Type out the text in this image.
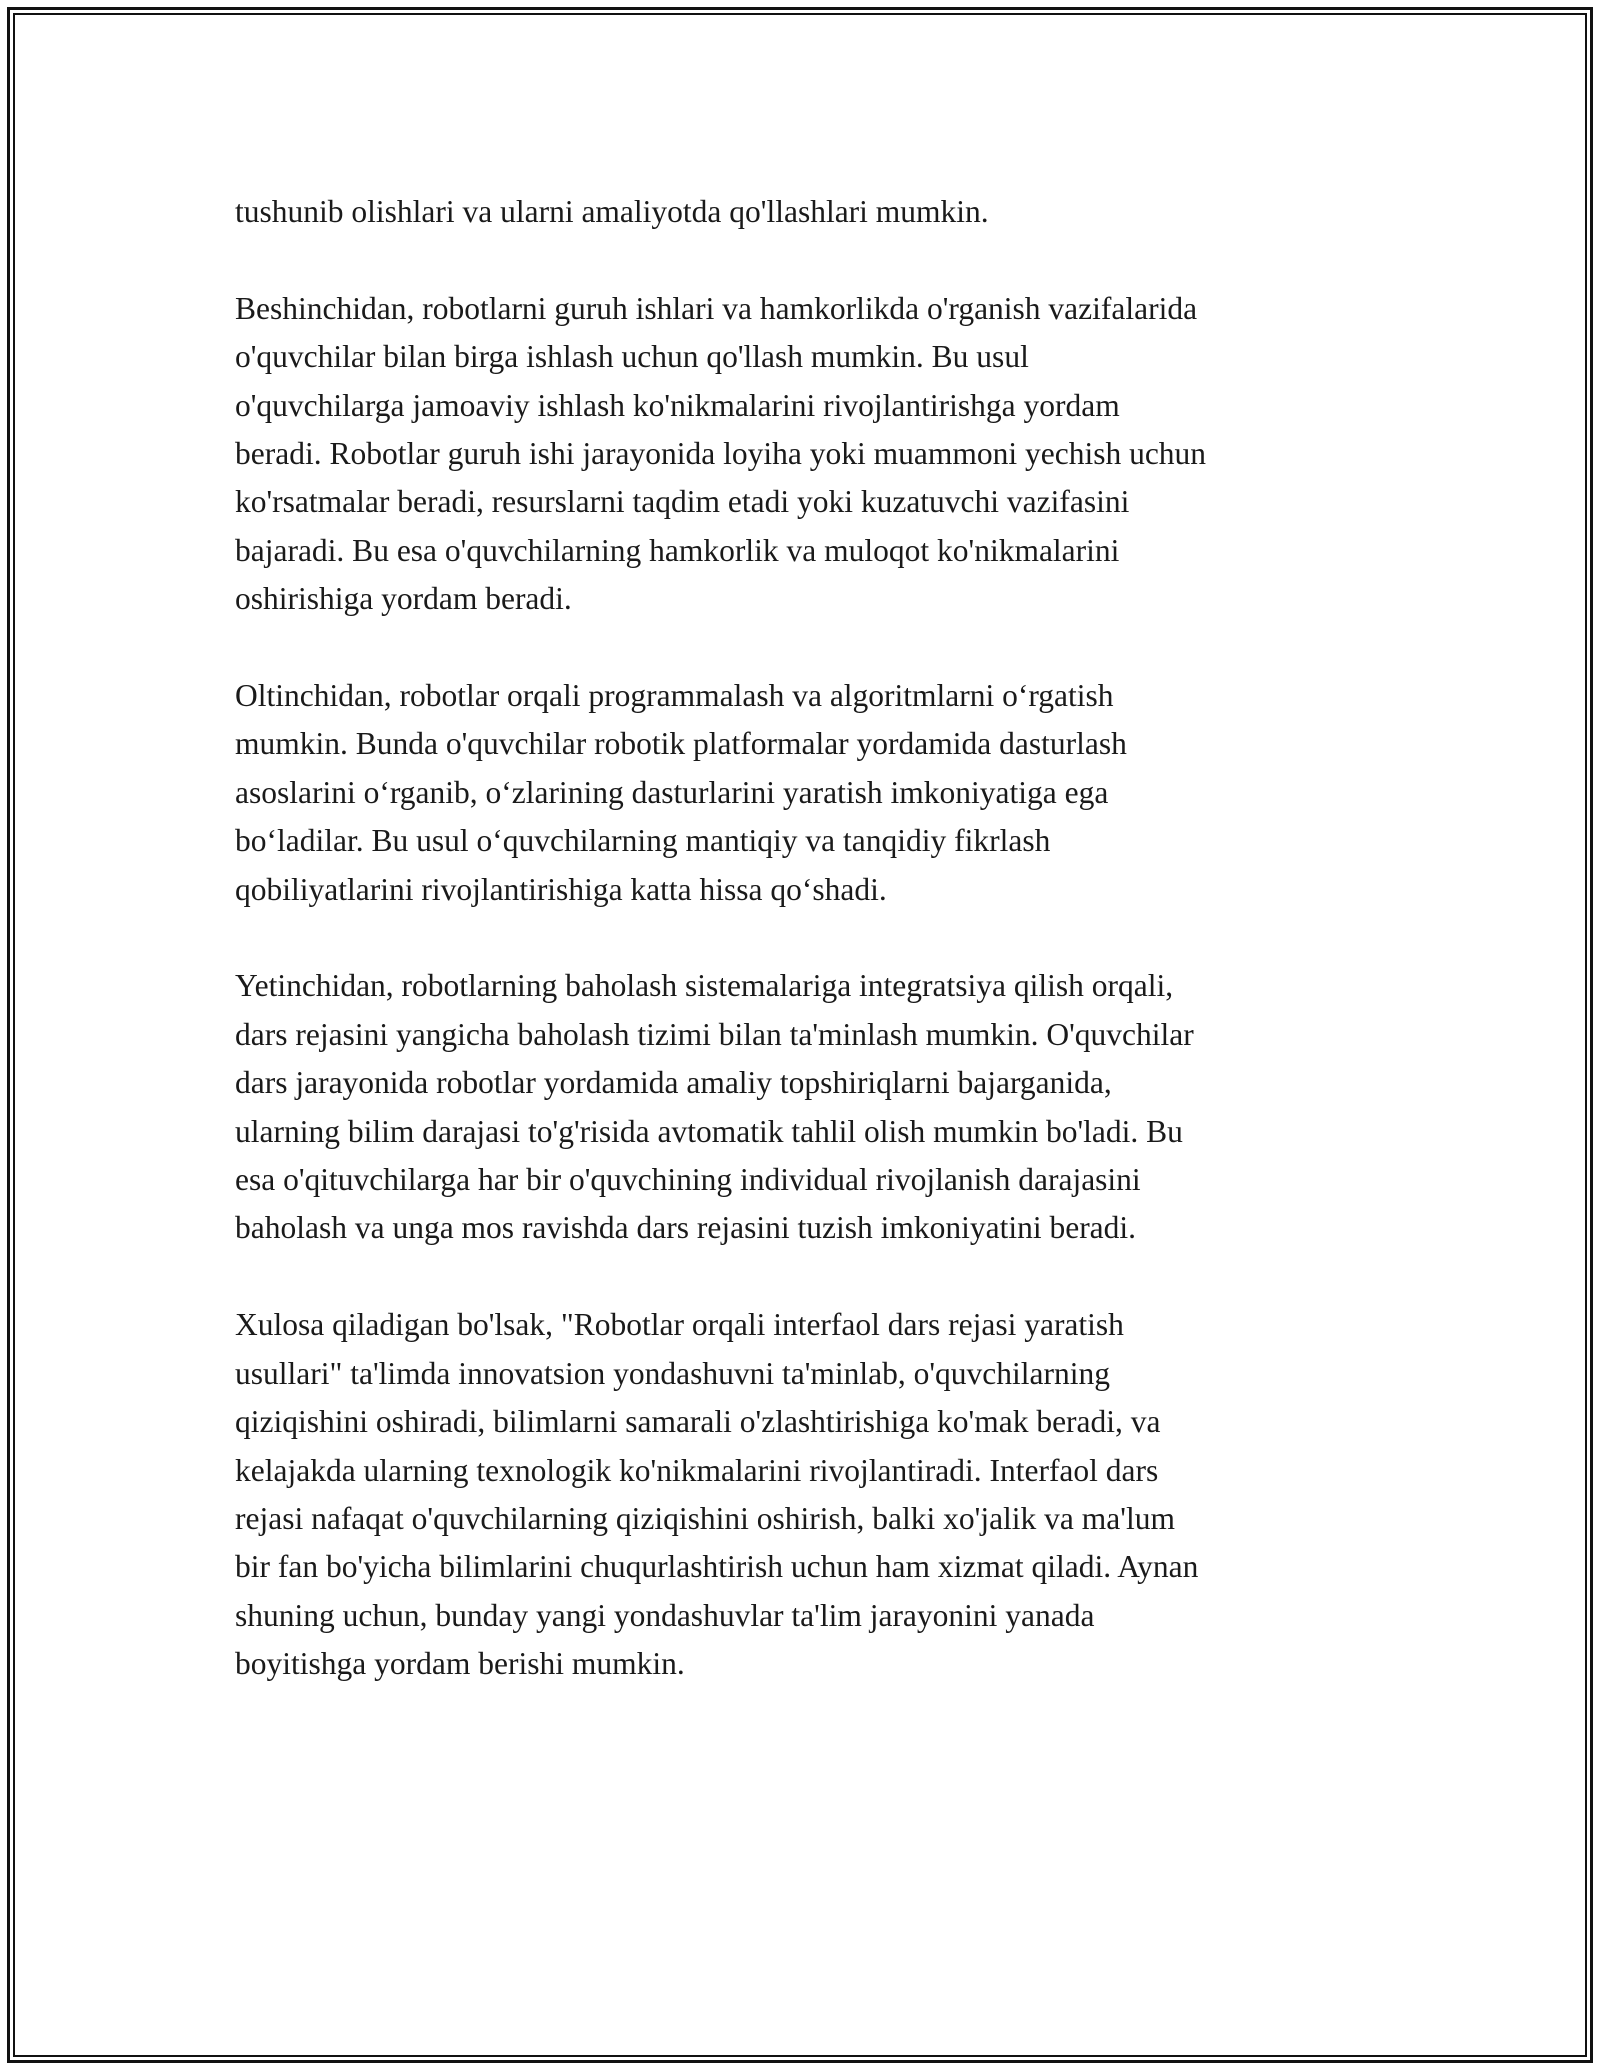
tushunib olishlari va ularni amaliyotda qo'llashlari mumkin.

Beshinchidan, robotlarni guruh ishlari va hamkorlikda o'rganish vazifalarida
o'quvchilar bilan birga ishlash uchun qo'llash mumkin. Bu usul
o'quvchilarga jamoaviy ishlash ko'nikmalarini rivojlantirishga yordam
beradi. Robotlar guruh ishi jarayonida loyiha yoki muammoni yechish uchun
ko'rsatmalar beradi, resurslarni taqdim etadi yoki kuzatuvchi vazifasini
bajaradi. Bu esa o'quvchilarning hamkorlik va muloqot ko'nikmalarini
oshirishiga yordam beradi.

Oltinchidan, robotlar orqali programmalash va algoritmlarni o‘rgatish
mumkin. Bunda o'quvchilar robotik platformalar yordamida dasturlash
asoslarini o‘rganib, o‘zlarining dasturlarini yaratish imkoniyatiga ega
bo‘ladilar. Bu usul o‘quvchilarning mantiqiy va tanqidiy fikrlash
qobiliyatlarini rivojlantirishiga katta hissa qo‘shadi.

Yetinchidan, robotlarning baholash sistemalariga integratsiya qilish orqali,
dars rejasini yangicha baholash tizimi bilan ta'minlash mumkin. O'quvchilar
dars jarayonida robotlar yordamida amaliy topshiriqlarni bajarganida,
ularning bilim darajasi to'g'risida avtomatik tahlil olish mumkin bo'ladi. Bu
esa o'qituvchilarga har bir o'quvchining individual rivojlanish darajasini
baholash va unga mos ravishda dars rejasini tuzish imkoniyatini beradi.

Xulosa qiladigan bo'lsak, "Robotlar orqali interfaol dars rejasi yaratish
usullari" ta'limda innovatsion yondashuvni ta'minlab, o'quvchilarning
qiziqishini oshiradi, bilimlarni samarali o'zlashtirishiga ko'mak beradi, va
kelajakda ularning texnologik ko'nikmalarini rivojlantiradi. Interfaol dars
rejasi nafaqat o'quvchilarning qiziqishini oshirish, balki xo'jalik va ma'lum
bir fan bo'yicha bilimlarini chuqurlashtirish uchun ham xizmat qiladi. Aynan
shuning uchun, bunday yangi yondashuvlar ta'lim jarayonini yanada
boyitishga yordam berishi mumkin.
